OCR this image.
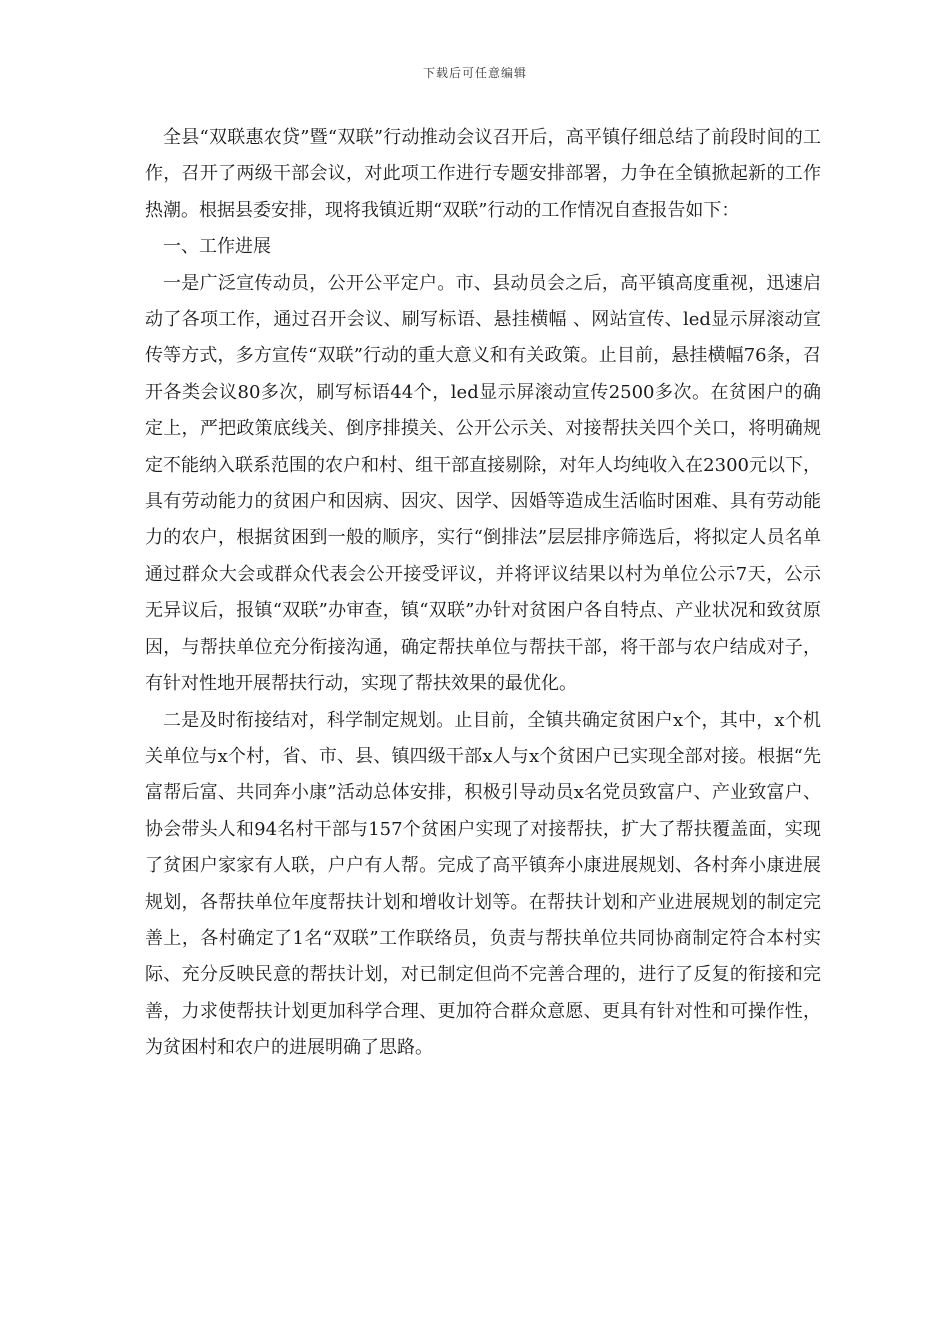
下载后可任意编辑

全县“双联惠农贷”暨“双联”行动推动会议召开后，高平镇仔细总结了前段时间的工作，召开了两级干部会议，对此项工作进行专题安排部署，力争在全镇掀起新的工作热潮。根据县委安排，现将我镇近期“双联”行动的工作情况自查报告如下：

一、工作进展

一是广泛宣传动员，公开公平定户。市、县动员会之后，高平镇高度重视，迅速启动了各项工作，通过召开会议、刷写标语、悬挂横幅 、网站宣传、led显示屏滚动宣传等方式，多方宣传“双联”行动的重大意义和有关政策。止目前，悬挂横幅76条，召开各类会议80多次，刷写标语44个，led显示屏滚动宣传2500多次。在贫困户的确定上，严把政策底线关、倒序排摸关、公开公示关、对接帮扶关四个关口，将明确规定不能纳入联系范围的农户和村、组干部直接剔除，对年人均纯收入在2300元以下，具有劳动能力的贫困户和因病、因灾、因学、因婚等造成生活临时困难、具有劳动能力的农户，根据贫困到一般的顺序，实行“倒排法”层层排序筛选后，将拟定人员名单通过群众大会或群众代表会公开接受评议，并将评议结果以村为单位公示7天，公示无异议后，报镇“双联”办审查，镇“双联”办针对贫困户各自特点、产业状况和致贫原因，与帮扶单位充分衔接沟通，确定帮扶单位与帮扶干部，将干部与农户结成对子，有针对性地开展帮扶行动，实现了帮扶效果的最优化。

二是及时衔接结对，科学制定规划。止目前，全镇共确定贫困户x个，其中，x个机关单位与x个村，省、市、县、镇四级干部x人与x个贫困户已实现全部对接。根据“先富帮后富、共同奔小康”活动总体安排，积极引导动员x名党员致富户、产业致富户、协会带头人和94名村干部与157个贫困户实现了对接帮扶，扩大了帮扶覆盖面，实现了贫困户家家有人联，户户有人帮。完成了高平镇奔小康进展规划、各村奔小康进展规划，各帮扶单位年度帮扶计划和增收计划等。在帮扶计划和产业进展规划的制定完善上，各村确定了1名“双联”工作联络员，负责与帮扶单位共同协商制定符合本村实际、充分反映民意的帮扶计划，对已制定但尚不完善合理的，进行了反复的衔接和完善，力求使帮扶计划更加科学合理、更加符合群众意愿、更具有针对性和可操作性，为贫困村和农户的进展明确了思路。
